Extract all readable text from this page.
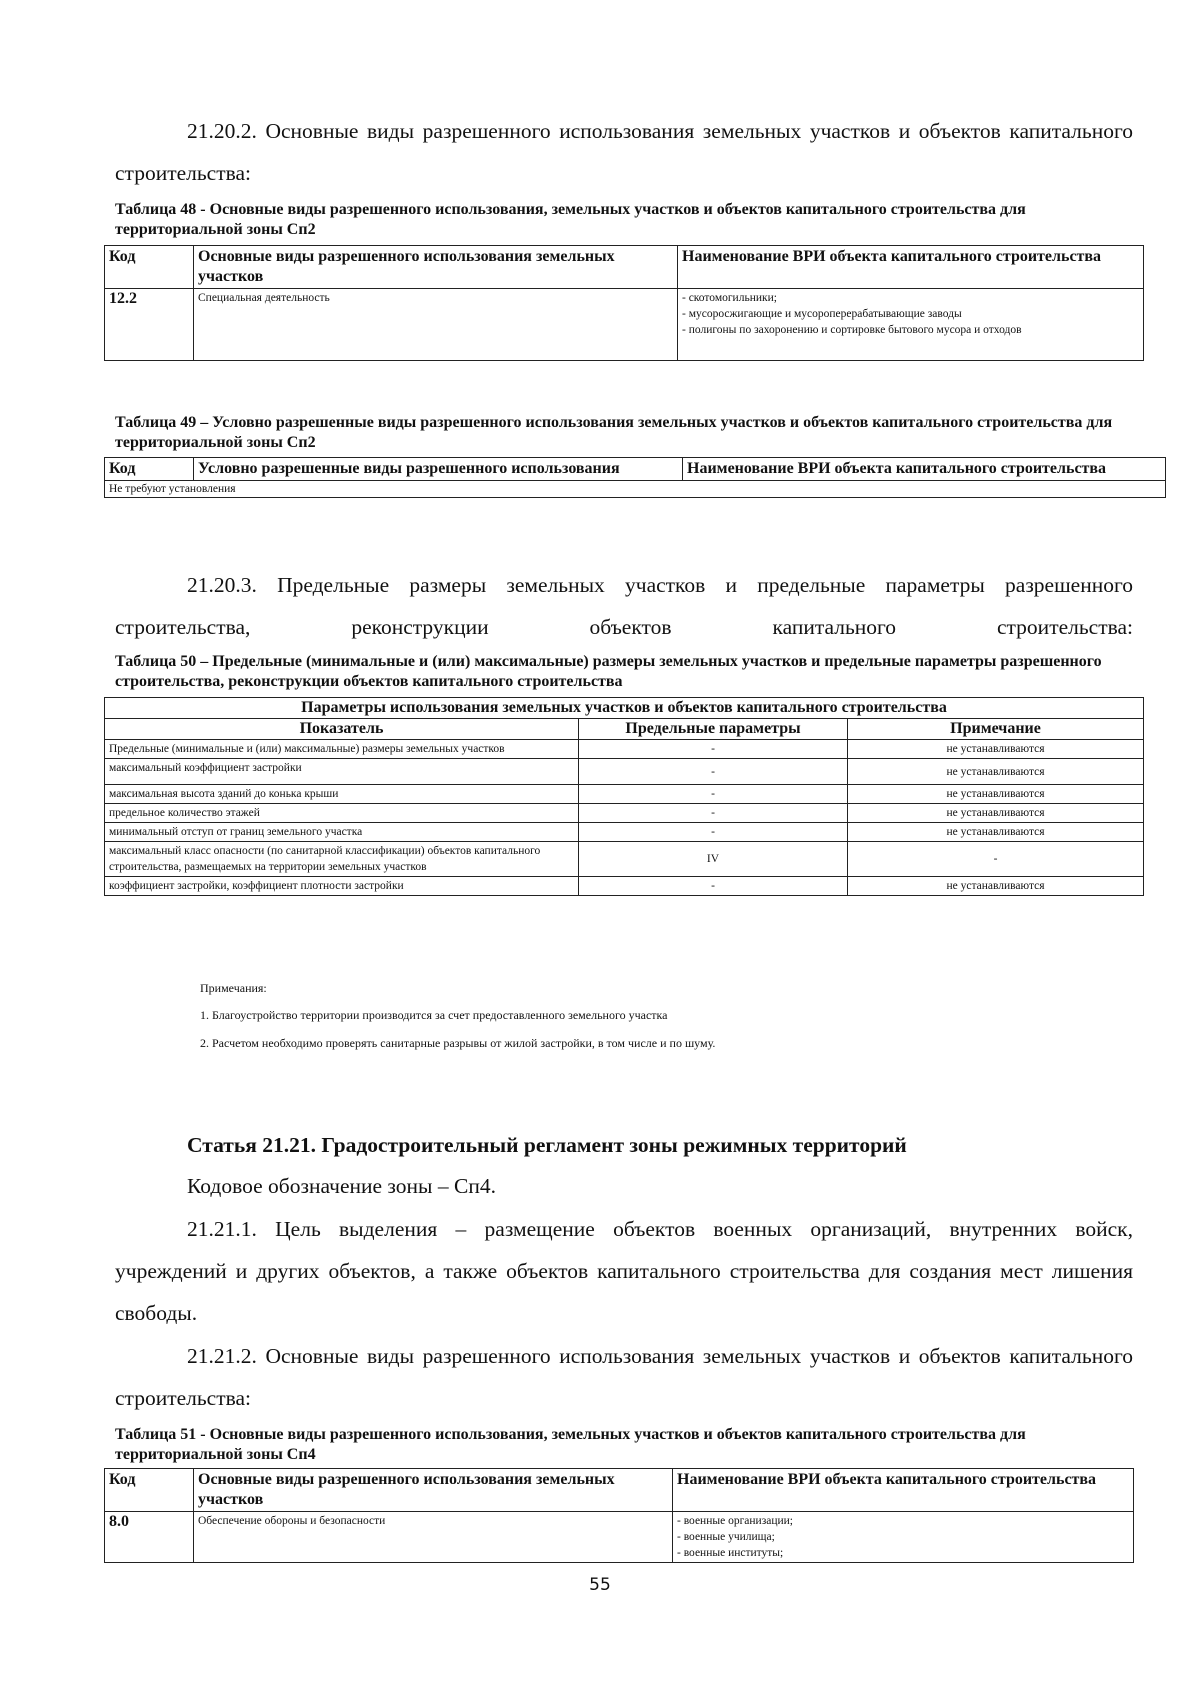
21.20.2. Основные виды разрешенного использования земельных участков и объектов капитального строительства:

Таблица 48 - Основные виды разрешенного использования, земельных участков и объектов капитального строительства для территориальной зоны Сп2

Код	Основные виды разрешенного использования земельных участков	Наименование ВРИ объекта капитального строительства
12.2	Специальная деятельность	- скотомогильники;
- мусоросжигающие и мусороперерабатывающие заводы
- полигоны по захоронению и сортировке бытового мусора и отходов

Таблица 49 – Условно разрешенные виды разрешенного использования земельных участков и объектов капитального строительства для территориальной зоны Сп2

Код	Условно разрешенные виды разрешенного использования	Наименование ВРИ объекта капитального строительства
Не требуют установления

21.20.3. Предельные размеры земельных участков и предельные параметры разрешенного строительства, реконструкции объектов капитального строительства:

Таблица 50 – Предельные (минимальные и (или) максимальные) размеры земельных участков и предельные параметры разрешенного строительства, реконструкции объектов капитального строительства

Параметры использования земельных участков и объектов капитального строительства		
Показатель	Предельные параметры	Примечание
Предельные (минимальные и (или) максимальные) размеры земельных участков	-	не устанавливаются
максимальный коэффициент застройки	-	не устанавливаются
максимальная высота зданий до конька крыши	-	не устанавливаются
предельное количество этажей	-	не устанавливаются
минимальный отступ от границ земельного участка	-	не устанавливаются
максимальный класс опасности (по санитарной классификации) объектов капитального строительства, размещаемых на территории земельных участков	IV	-
коэффициент застройки, коэффициент плотности застройки	-	не устанавливаются

Примечания:

1. Благоустройство территории производится за счет предоставленного земельного участка

2. Расчетом необходимо проверять санитарные разрывы от жилой застройки, в том числе и по шуму.

Статья 21.21. Градостроительный регламент зоны режимных территорий

Кодовое обозначение зоны – Сп4.

21.21.1. Цель выделения – размещение объектов военных организаций, внутренних войск, учреждений и других объектов, а также объектов капитального строительства для создания мест лишения свободы.

21.21.2. Основные виды разрешенного использования земельных участков и объектов капитального строительства:

Таблица 51 - Основные виды разрешенного использования, земельных участков и объектов капитального строительства для территориальной зоны Сп4

Код	Основные виды разрешенного использования земельных участков	Наименование ВРИ объекта капитального строительства
8.0	Обеспечение обороны и безопасности	- военные организации;
- военные училища;
- военные институты;
55
